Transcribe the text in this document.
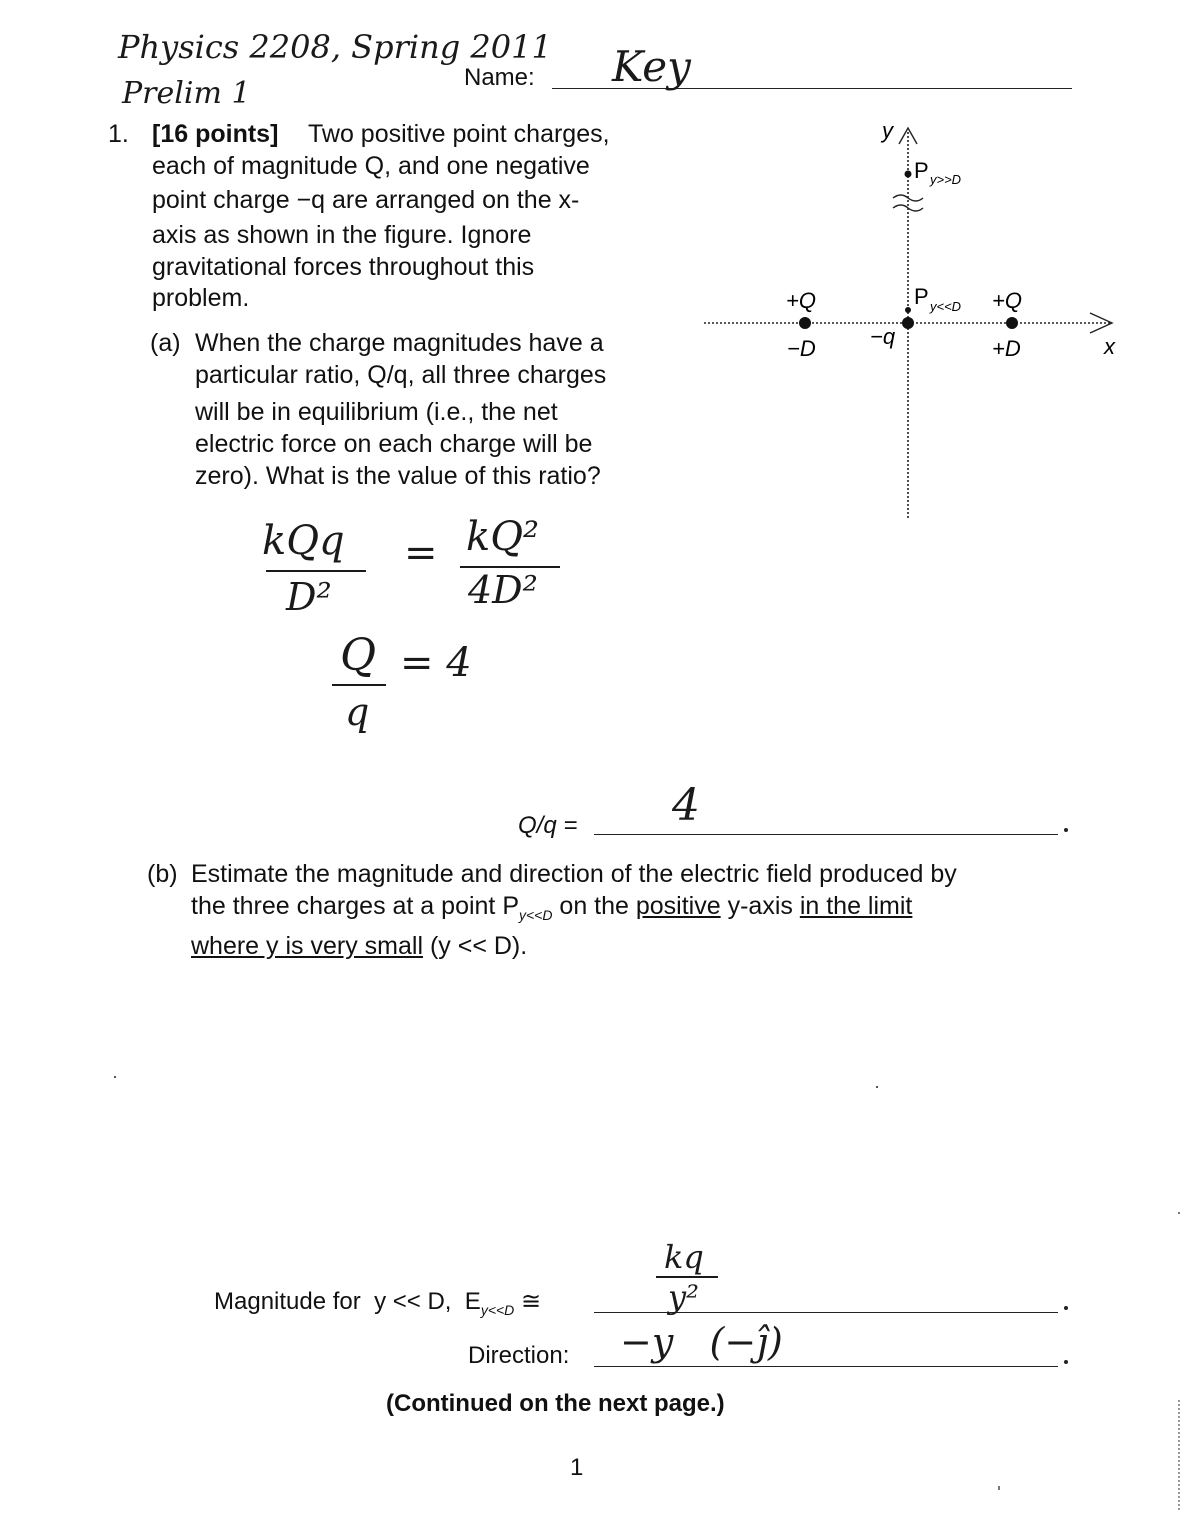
Physics 2208, Spring 2011
Prelim 1	Name: Key
1. [16 points] Two positive point charges,
each of magnitude Q, and one negative
point charge −q are arranged on the x-
axis as shown in the figure. Ignore
gravitational forces throughout this
problem.
(a) When the charge magnitudes have a
particular ratio, Q/q, all three charges
will be in equilibrium (i.e., the net
electric force on each charge will be
zero). What is the value of this ratio?
y
x
P y>>D
P y<<D
+Q
−D −q
+Q
+D
kQq
D²
= kQ²
4D²
Q
q
= 4
Q/q = 4
(b) Estimate the magnitude and direction of the electric field produced by
the three charges at a point $P_{y<<D}$ on the positive y-axis in the limit
where y is very small (y << D).
Magnitude for  y << D,  $E_{y<<D}$ ≅
kq
y²
Direction: −y   (−ĵ)
(Continued on the next page.)
1
